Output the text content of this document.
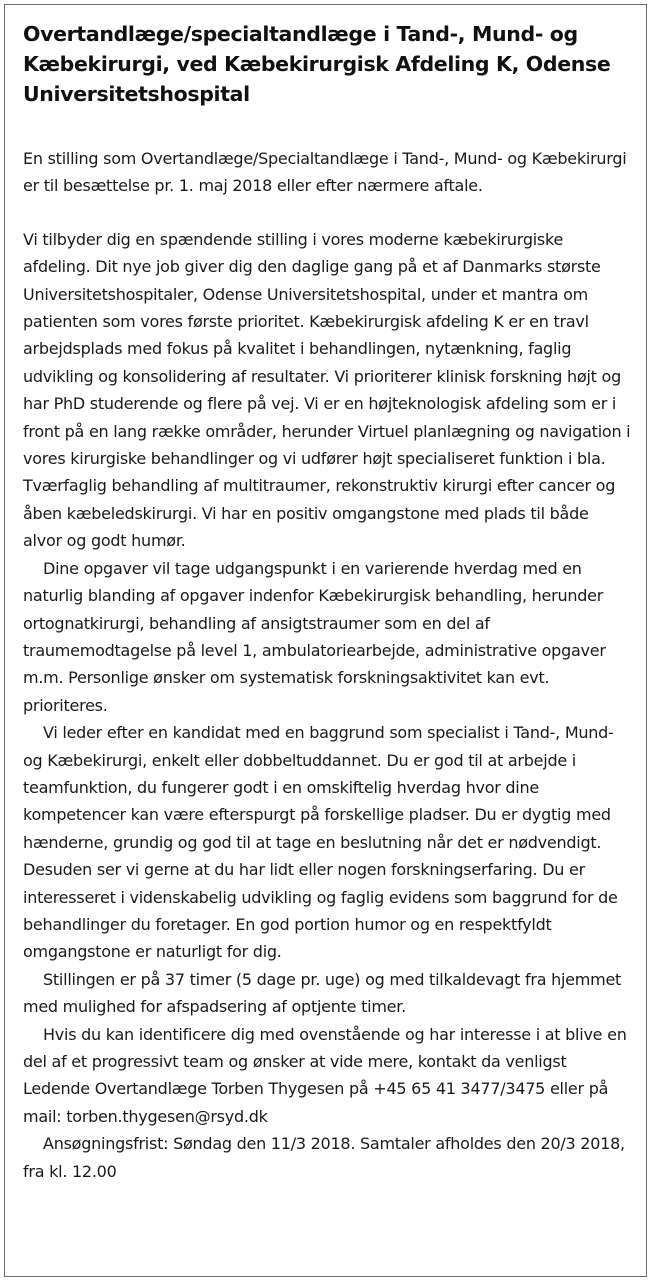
Overtandlæge/specialtandlæge i Tand-, Mund- og Kæbekirurgi, ved Kæbekirurgisk Afdeling K, Odense Universitetshospital

En stilling som Overtandlæge/Specialtandlæge i Tand-, Mund- og Kæbekirurgi er til besættelse pr. 1. maj 2018 eller efter nærmere aftale.

Vi tilbyder dig en spændende stilling i vores moderne kæbekirurgiske afdeling. Dit nye job giver dig den daglige gang på et af Danmarks største Universitetshospitaler, Odense Universitetshospital, under et mantra om patienten som vores første prioritet. Kæbekirurgisk afdeling K er en travl arbejdsplads med fokus på kvalitet i behandlingen, nytænkning, faglig udvikling og konsolidering af resultater. Vi prioriterer klinisk forskning højt og har PhD studerende og flere på vej. Vi er en højteknologisk afdeling som er i front på en lang række områder, herunder Virtuel planlægning og navigation i vores kirurgiske behandlinger og vi udfører højt specialiseret funktion i bla. Tværfaglig behandling af multitraumer, rekonstruktiv kirurgi efter cancer og åben kæbeledskirurgi. Vi har en positiv omgangstone med plads til både alvor og godt humør.

Dine opgaver vil tage udgangspunkt i en varierende hverdag med en naturlig blanding af opgaver indenfor Kæbekirurgisk behandling, herunder ortognatkirurgi, behandling af ansigtstraumer som en del af traumemodtagelse på level 1, ambulatoriearbejde, administrative opgaver m.m. Personlige ønsker om systematisk forskningsaktivitet kan evt. prioriteres.

Vi leder efter en kandidat med en baggrund som specialist i Tand-, Mund- og Kæbekirurgi, enkelt eller dobbeltuddannet. Du er god til at arbejde i teamfunktion, du fungerer godt i en omskiftelig hverdag hvor dine kompetencer kan være efterspurgt på forskellige pladser. Du er dygtig med hænderne, grundig og god til at tage en beslutning når det er nødvendigt. Desuden ser vi gerne at du har lidt eller nogen forskningserfaring. Du er interesseret i videnskabelig udvikling og faglig evidens som baggrund for de behandlinger du foretager. En god portion humor og en respektfyldt omgangstone er naturligt for dig.

Stillingen er på 37 timer (5 dage pr. uge) og med tilkaldevagt fra hjemmet med mulighed for afspadsering af optjente timer.

Hvis du kan identificere dig med ovenstående og har interesse i at blive en del af et progressivt team og ønsker at vide mere, kontakt da venligst Ledende Overtandlæge Torben Thygesen på +45 65 41 3477/3475 eller på mail: torben.thygesen@rsyd.dk

Ansøgningsfrist: Søndag den 11/3 2018. Samtaler afholdes den 20/3 2018, fra kl. 12.00
